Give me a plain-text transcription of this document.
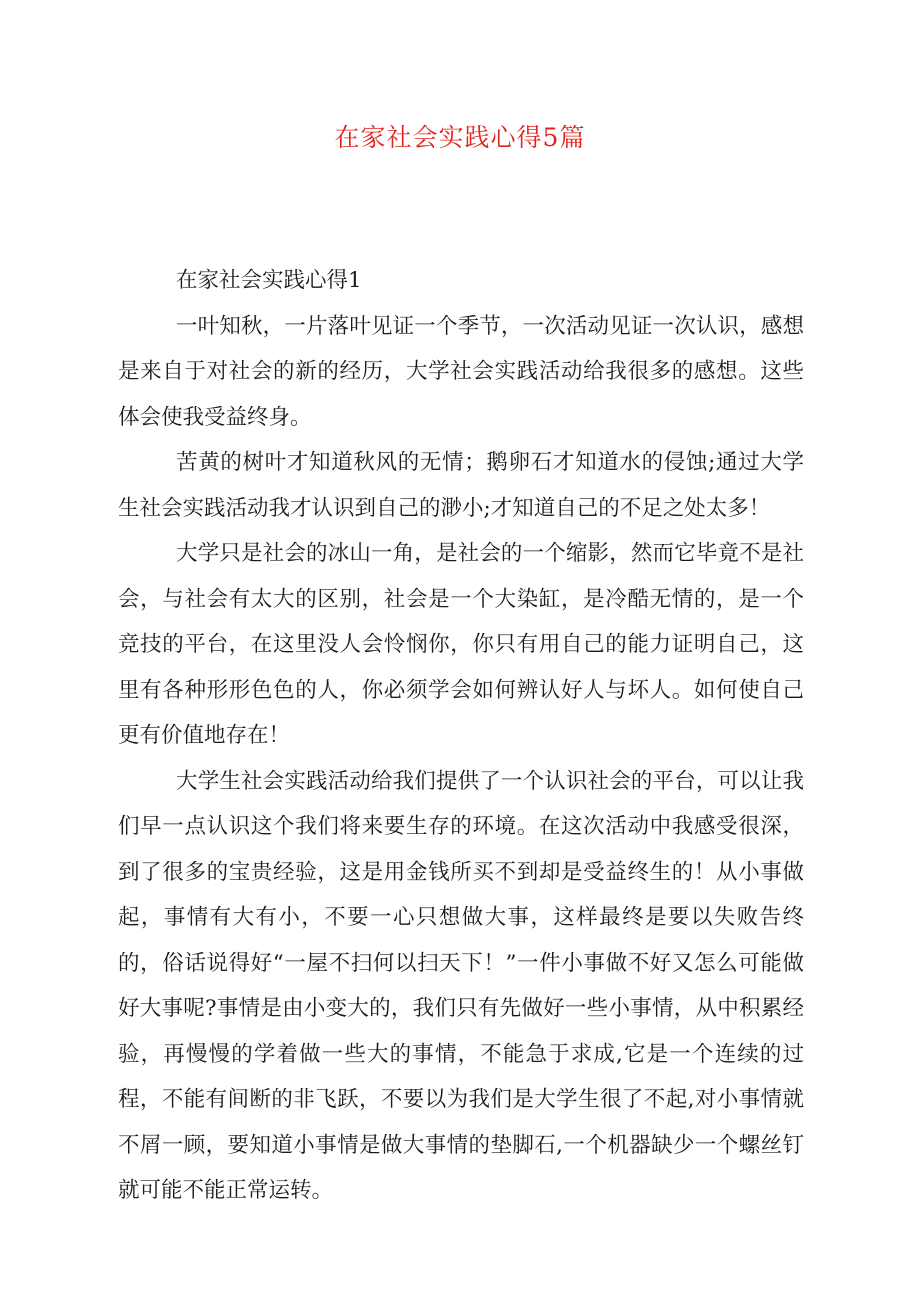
在家社会实践心得5篇
在家社会实践心得1

一叶知秋，一片落叶见证一个季节，一次活动见证一次认识，感想是来自于对社会的新的经历，大学社会实践活动给我很多的感想。这些体会使我受益终身。

苦黄的树叶才知道秋风的无情；鹅卵石才知道水的侵蚀;通过大学生社会实践活动我才认识到自己的渺小;才知道自己的不足之处太多！

大学只是社会的冰山一角，是社会的一个缩影，然而它毕竟不是社会，与社会有太大的区别，社会是一个大染缸，是冷酷无情的，是一个竞技的平台，在这里没人会怜悯你，你只有用自己的能力证明自己，这里有各种形形色色的人，你必须学会如何辨认好人与坏人。如何使自己更有价值地存在！

大学生社会实践活动给我们提供了一个认识社会的平台，可以让我们早一点认识这个我们将来要生存的环境。在这次活动中我感受很深，到了很多的宝贵经验，这是用金钱所买不到却是受益终生的！从小事做起，事情有大有小，不要一心只想做大事，这样最终是要以失败告终的，俗话说得好“一屋不扫何以扫天下！”一件小事做不好又怎么可能做好大事呢?事情是由小变大的，我们只有先做好一些小事情，从中积累经验，再慢慢的学着做一些大的事情，不能急于求成,它是一个连续的过程，不能有间断的非飞跃，不要以为我们是大学生很了不起,对小事情就不屑一顾，要知道小事情是做大事情的垫脚石,一个机器缺少一个螺丝钉就可能不能正常运转。
